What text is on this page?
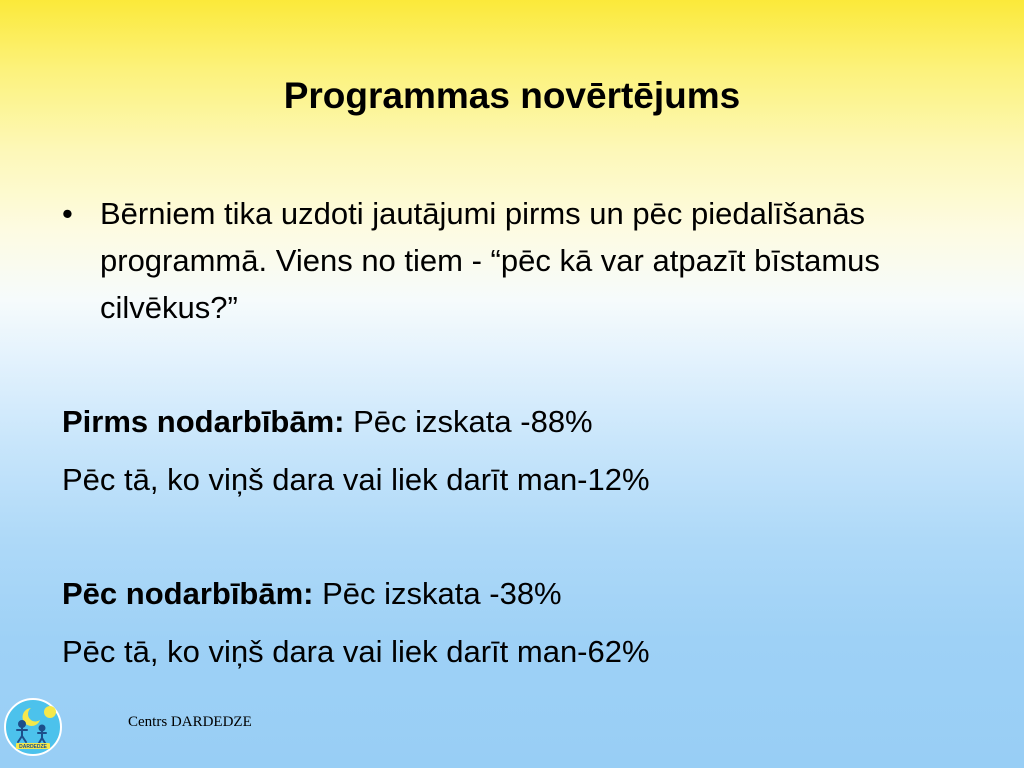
Programmas novērtējums
• Bērniem tika uzdoti jautājumi pirms un pēc piedalīšanās programmā. Viens no tiem - “pēc kā var atpazīt bīstamus cilvēkus?”
Pirms nodarbībām: Pēc izskata -88%
Pēc tā, ko viņš dara vai liek darīt man-12%
Pēc nodarbībām: Pēc izskata -38%
Pēc tā, ko viņš dara vai liek darīt man-62%
DARDEDZE
Centrs DARDEDZE
